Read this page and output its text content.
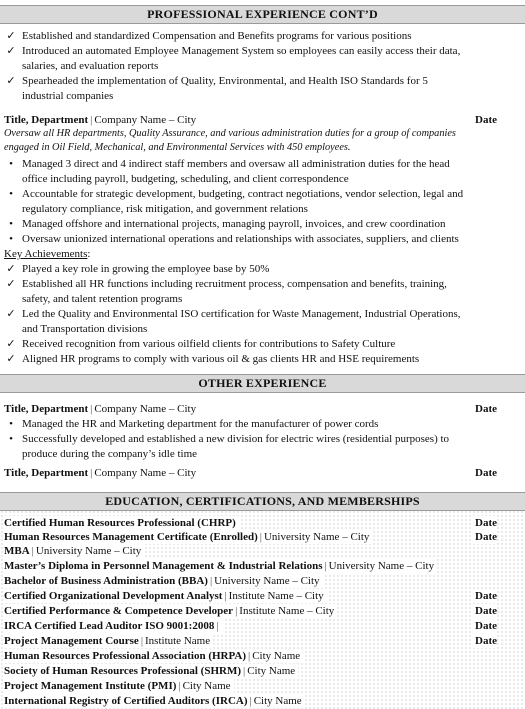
PROFESSIONAL EXPERIENCE CONT’D
✓ Established and standardized Compensation and Benefits programs for various positions
✓ Introduced an automated Employee Management System so employees can easily access their data,
salaries, and evaluation reports
✓ Spearheaded the implementation of Quality, Environmental, and Health ISO Standards for 5
industrial companies
Title, Department | Company Name – City	Date
Oversaw all HR departments, Quality Assurance, and various administration duties for a group of companies
engaged in Oil Field, Mechanical, and Environmental Services with 450 employees.
• Managed 3 direct and 4 indirect staff members and oversaw all administration duties for the head
office including payroll, budgeting, scheduling, and client correspondence
• Accountable for strategic development, budgeting, contract negotiations, vendor selection, legal and
regulatory compliance, risk mitigation, and government relations
• Managed offshore and international projects, managing payroll, invoices, and crew coordination
• Oversaw unionized international operations and relationships with associates, suppliers, and clients
Key Achievements:
✓ Played a key role in growing the employee base by 50%
✓ Established all HR functions including recruitment process, compensation and benefits, training,
safety, and talent retention programs
✓ Led the Quality and Environmental ISO certification for Waste Management, Industrial Operations,
and Transportation divisions
✓ Received recognition from various oilfield clients for contributions to Safety Culture
✓ Aligned HR programs to comply with various oil & gas clients HR and HSE requirements
OTHER EXPERIENCE
Title, Department | Company Name – City	Date
• Managed the HR and Marketing department for the manufacturer of power cords
• Successfully developed and established a new division for electric wires (residential purposes) to
produce during the company’s idle time
Title, Department | Company Name – City	Date
EDUCATION, CERTIFICATIONS, AND MEMBERSHIPS
Certified Human Resources Professional (CHRP)	Date
Human Resources Management Certificate (Enrolled) | University Name – City	Date
MBA | University Name – City
Master’s Diploma in Personnel Management & Industrial Relations | University Name – City
Bachelor of Business Administration (BBA) | University Name – City
Certified Organizational Development Analyst | Institute Name – City	Date
Certified Performance & Competence Developer | Institute Name – City	Date
IRCA Certified Lead Auditor ISO 9001:2008 |	Date
Project Management Course | Institute Name	Date
Human Resources Professional Association (HRPA) | City Name
Society of Human Resources Professional (SHRM) | City Name
Project Management Institute (PMI) | City Name
International Registry of Certified Auditors (IRCA) | City Name
